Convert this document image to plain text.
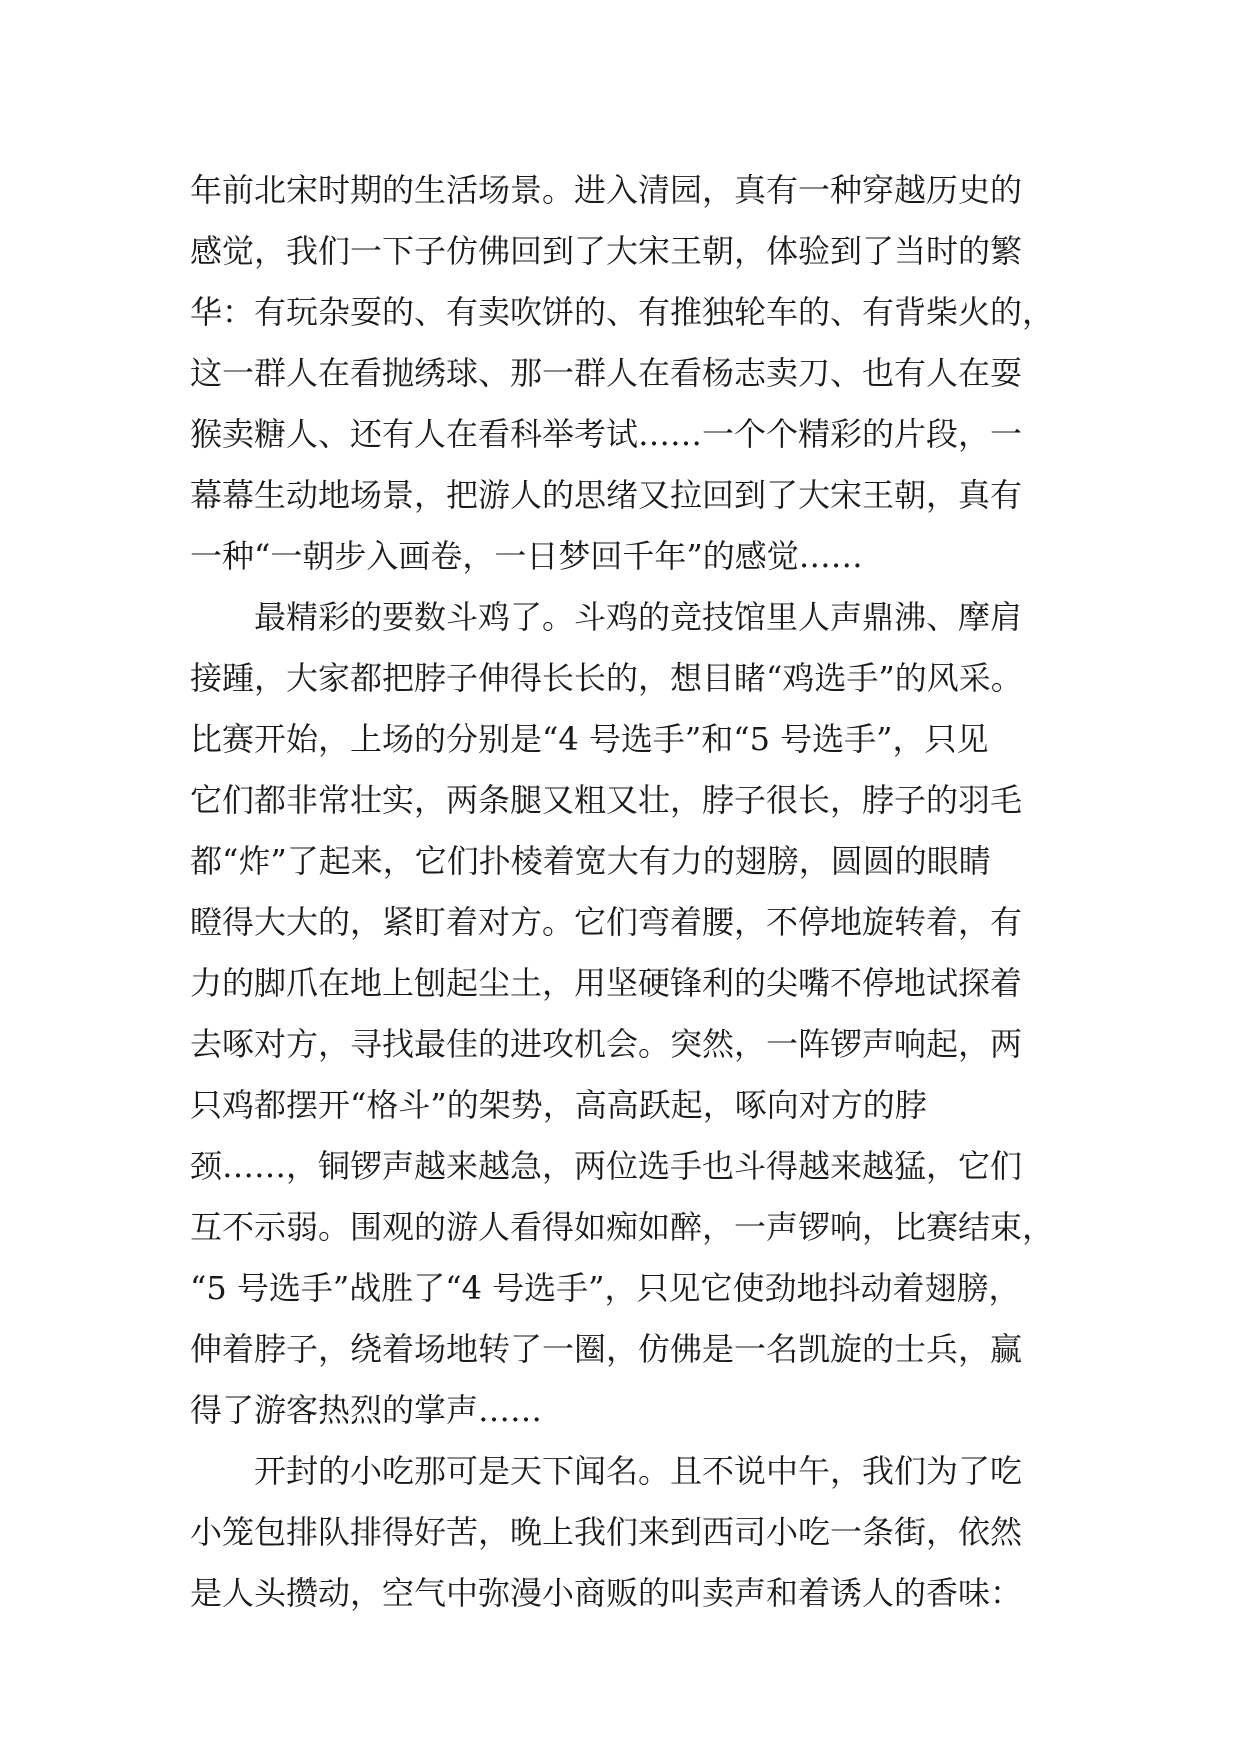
年前北宋时期的生活场景。进入清园，真有一种穿越历史的
感觉，我们一下子仿佛回到了大宋王朝，体验到了当时的繁
华：有玩杂耍的、有卖吹饼的、有推独轮车的、有背柴火的，
这一群人在看抛绣球、那一群人在看杨志卖刀、也有人在耍
猴卖糖人、还有人在看科举考试……一个个精彩的片段，一
幕幕生动地场景，把游人的思绪又拉回到了大宋王朝，真有
一种“一朝步入画卷，一日梦回千年”的感觉……
　　最精彩的要数斗鸡了。斗鸡的竞技馆里人声鼎沸、摩肩
接踵，大家都把脖子伸得长长的，想目睹“鸡选手”的风采。
比赛开始，上场的分别是“4 号选手”和“5 号选手”，只见
它们都非常壮实，两条腿又粗又壮，脖子很长，脖子的羽毛
都“炸”了起来，它们扑棱着宽大有力的翅膀，圆圆的眼睛
瞪得大大的，紧盯着对方。它们弯着腰，不停地旋转着，有
力的脚爪在地上刨起尘土，用坚硬锋利的尖嘴不停地试探着
去啄对方，寻找最佳的进攻机会。突然，一阵锣声响起，两
只鸡都摆开“格斗”的架势，高高跃起，啄向对方的脖
颈……，铜锣声越来越急，两位选手也斗得越来越猛，它们
互不示弱。围观的游人看得如痴如醉，一声锣响，比赛结束，
“5 号选手”战胜了“4 号选手”，只见它使劲地抖动着翅膀，
伸着脖子，绕着场地转了一圈，仿佛是一名凯旋的士兵，赢
得了游客热烈的掌声……
　　开封的小吃那可是天下闻名。且不说中午，我们为了吃
小笼包排队排得好苦，晚上我们来到西司小吃一条街，依然
是人头攒动，空气中弥漫小商贩的叫卖声和着诱人的香味：
